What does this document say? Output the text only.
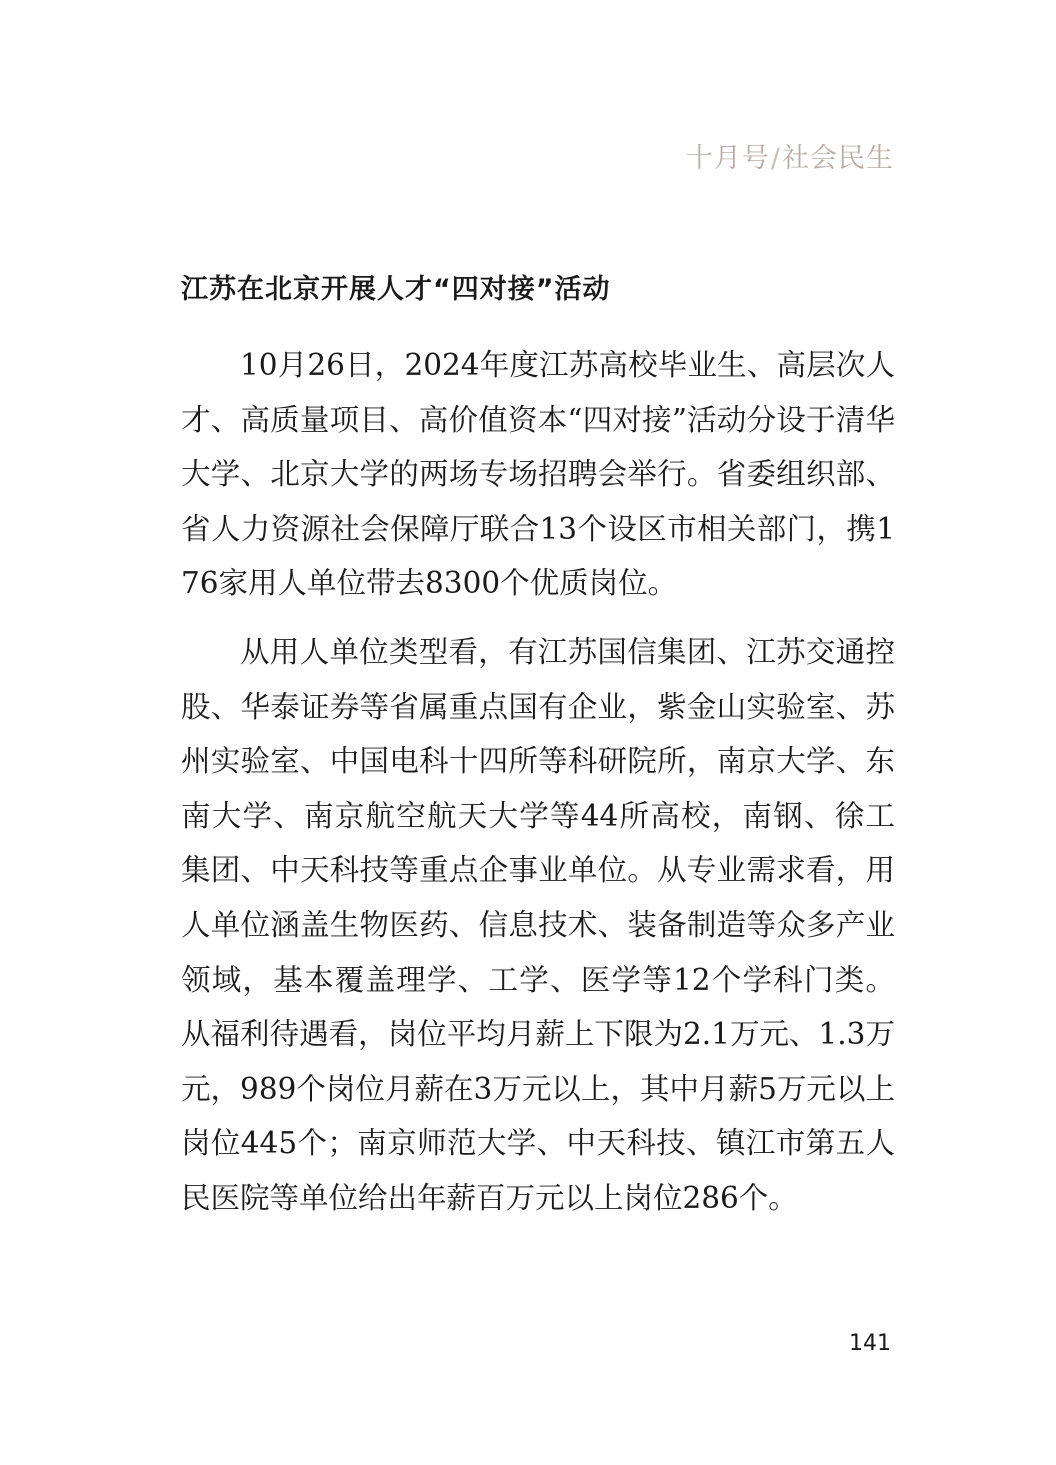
十月号/社会民生
江苏在北京开展人才“四对接”活动

10月26日，2024年度江苏高校毕业生、高层次人才、高质量项目、高价值资本“四对接”活动分设于清华大学、北京大学的两场专场招聘会举行。省委组织部、省人力资源社会保障厅联合13个设区市相关部门，携176家用人单位带去8300个优质岗位。

从用人单位类型看，有江苏国信集团、江苏交通控股、华泰证券等省属重点国有企业，紫金山实验室、苏州实验室、中国电科十四所等科研院所，南京大学、东南大学、南京航空航天大学等44所高校，南钢、徐工集团、中天科技等重点企事业单位。从专业需求看，用人单位涵盖生物医药、信息技术、装备制造等众多产业领域，基本覆盖理学、工学、医学等12个学科门类。从福利待遇看，岗位平均月薪上下限为2.1万元、1.3万元，989个岗位月薪在3万元以上，其中月薪5万元以上岗位445个；南京师范大学、中天科技、镇江市第五人民医院等单位给出年薪百万元以上岗位286个。

141
